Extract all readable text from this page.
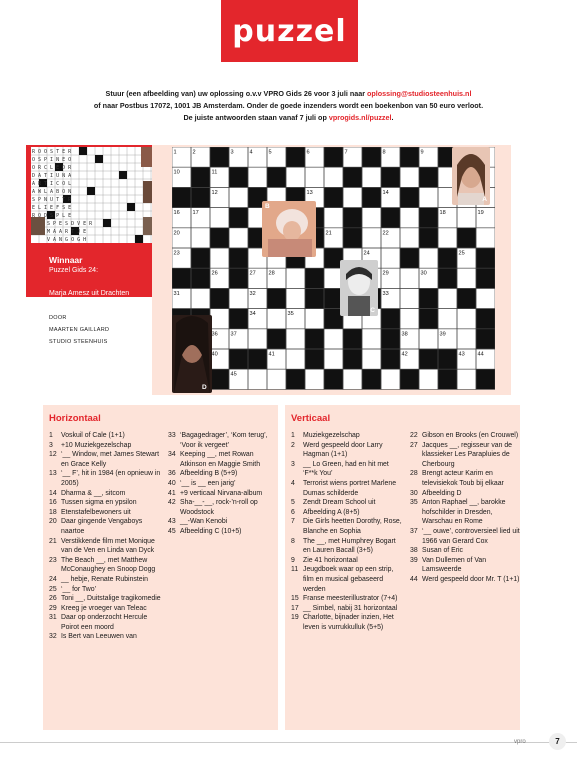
puzzel
Stuur (een afbeelding van) uw oplossing o.v.v VPRO Gids 26 voor 3 juli naar oplossing@studiosteenhuis.nl
of naar Postbus 17072, 1001 JB Amsterdam. Onder de goede inzenders wordt een boekenbon van 50 euro verloot.
De juiste antwoorden staan vanaf 7 juli op vprogids.nl/puzzel.
R O O S T E R
O S P I N E O
O R C L E D R
D A T I U N A
A R T I C O L
A W L A B O N
S P N U T T R
E L I E F S E
R O D S P L E
S P E S D V E R
M A A R T J E
V A N G O G H
Winnaar
Puzzel Gids 24:
Marja Amesz uit Drachten
DOOR
MAARTEN GAILLARD
STUDIO STEENHUIS
1	2	3	4	5	6	7	8	9
10	11
12	13	14
16 17	18	19
20	21	22
23	24	25
26	27 28	29	30
31	32	33
34	35
36 37	38	39
40	41	42	43 44
45
A
B
C
D
Horizontaal
1	Voskuil of Cale (1+1)
3	+10 Muziekgezelschap
12 ‘__ Window, met James Stewart en Grace Kelly
13 ‘__ F’, hit in 1984 (en opnieuw in 2005)
14 Dharma & __, sitcom
16 Tussen sigma en ypsilon
18 Etenstafelbewoners uit
20 Daar gingende Vengaboys naartoe
21 Verstikkende film met Monique van de Ven en Linda van Dyck
23 The Beach __, met Matthew McConaughey en Snoop Dogg
24 __ hebje, Renate Rubinstein
25 ‘__ for Two’
26 Toni __, Duitstalige tragikomedie
29 Kreeg je vroeger van Teleac
31 Daar op onderzocht Hercule Poirot een moord
32 Is Bert van Leeuwen van
33 ‘Bagagedrager’, ‘Kom terug’, ‘Voor ik vergeet’
34 Keeping __, met Rowan Atkinson en Maggie Smith
36 Afbeelding B (5+9)
40 ‘__ is __ een jarig’
41 +9 verticaal Nirvana-album
42 Sha-__-__, rock-’n-roll op Woodstock
43 __-Wan Kenobi
45 Afbeelding C (10+5)
Verticaal
1	Muziekgezelschap
2	Werd gespeeld door Larry Hagman (1+1)
3	__ Lo Green, had en hit met ‘F**k You’
4	Terrorist wiens portret Marlene Dumas schilderde
5	Zendt Dream School uit
6	Afbeelding A (8+5)
7	Die Girls heetten Dorothy, Rose, Blanche en Sophia
8	The __, met Humphrey Bogart en Lauren Bacall (3+5)
9	Zie 41 horizontaal
11 Jeugdboek waar op een strip, film en musical gebaseerd werden
15 Franse meesterillustrator (7+4)
17 __ Simbel, nabij 31 horizontaal
19 Charlotte, bijnader inzien, Het leven is vurrukkulluk (5+5)
22 Gibson en Brooks (en Crouwel)
27 Jacques __, regisseur van de klassieker Les Parapluies de Cherbourg
28 Brengt acteur Karim en televisiekok Toub bij elkaar
30 Afbeelding D
35 Anton Raphael __, barokke hofschilder in Dresden, Warschau en Rome
37 ‘__ ouwe’, controversieel lied uit 1966 van Gerard Cox
38 Susan of Eric
39 Van Dullemen of Van Lamsweerde
44 Werd gespeeld door Mr. T (1+1)
vpro	7
